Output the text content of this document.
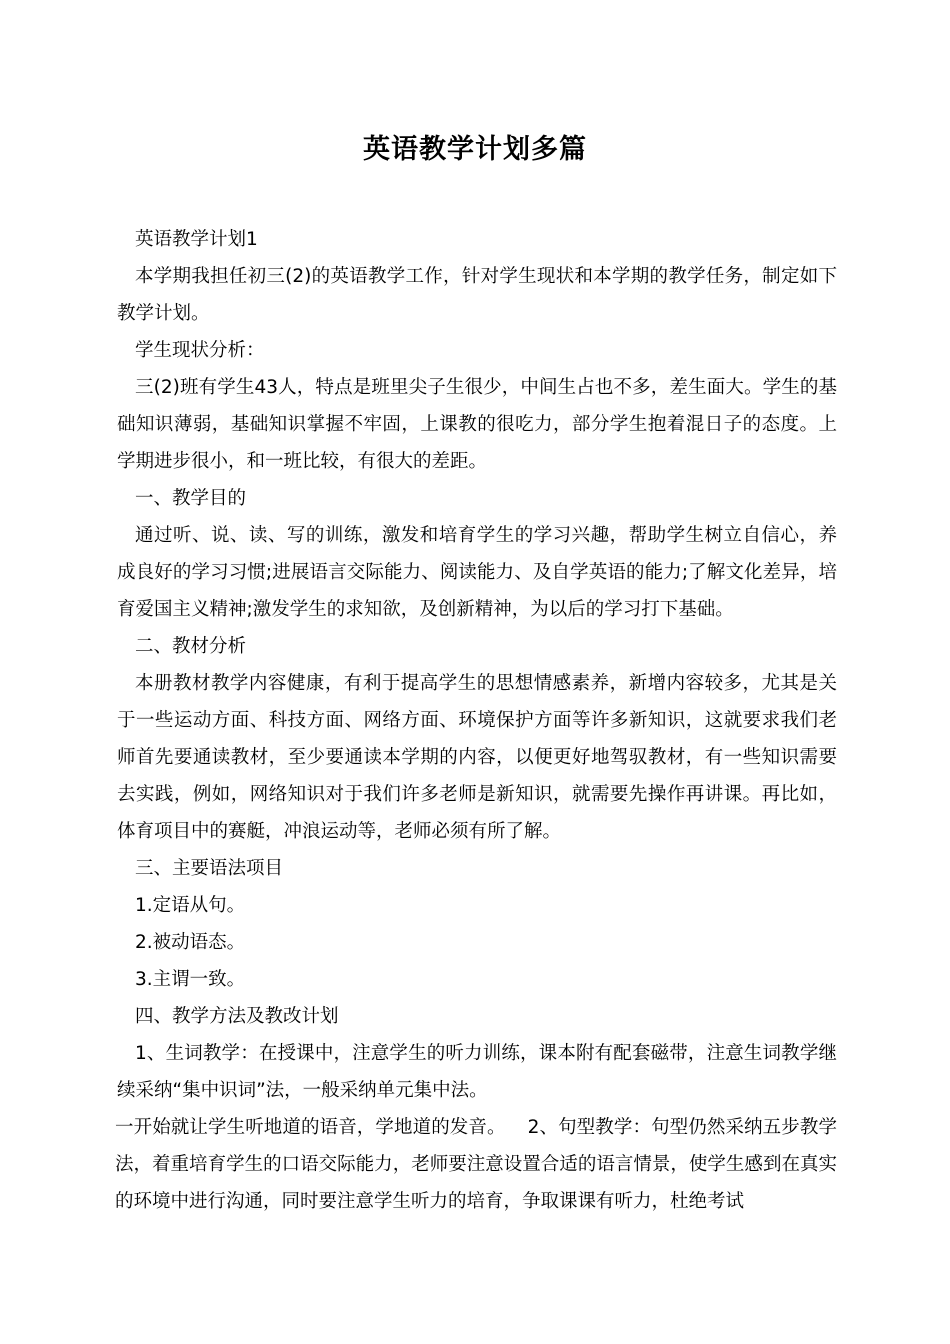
英语教学计划多篇

英语教学计划1

本学期我担任初三(2)的英语教学工作，针对学生现状和本学期的教学任务，制定如下教学计划。

学生现状分析：

三(2)班有学生43人，特点是班里尖子生很少，中间生占也不多，差生面大。学生的基础知识薄弱，基础知识掌握不牢固，上课教的很吃力，部分学生抱着混日子的态度。上学期进步很小，和一班比较，有很大的差距。

一、教学目的

通过听、说、读、写的训练，激发和培育学生的学习兴趣，帮助学生树立自信心，养成良好的学习习惯;进展语言交际能力、阅读能力、及自学英语的能力;了解文化差异，培育爱国主义精神;激发学生的求知欲，及创新精神，为以后的学习打下基础。

二、教材分析

本册教材教学内容健康，有利于提高学生的思想情感素养，新增内容较多，尤其是关于一些运动方面、科技方面、网络方面、环境保护方面等许多新知识，这就要求我们老师首先要通读教材，至少要通读本学期的内容，以便更好地驾驭教材，有一些知识需要去实践，例如，网络知识对于我们许多老师是新知识，就需要先操作再讲课。再比如，体育项目中的赛艇，冲浪运动等，老师必须有所了解。

三、主要语法项目

1.定语从句。

2.被动语态。

3.主谓一致。

四、教学方法及教改计划

1、生词教学：在授课中，注意学生的听力训练，课本附有配套磁带，注意生词教学继续采纳“集中识词”法，一般采纳单元集中法。

一开始就让学生听地道的语音，学地道的发音。 2、句型教学：句型仍然采纳五步教学法，着重培育学生的口语交际能力，老师要注意设置合适的语言情景，使学生感到在真实的环境中进行沟通，同时要注意学生听力的培育，争取课课有听力，杜绝考试
